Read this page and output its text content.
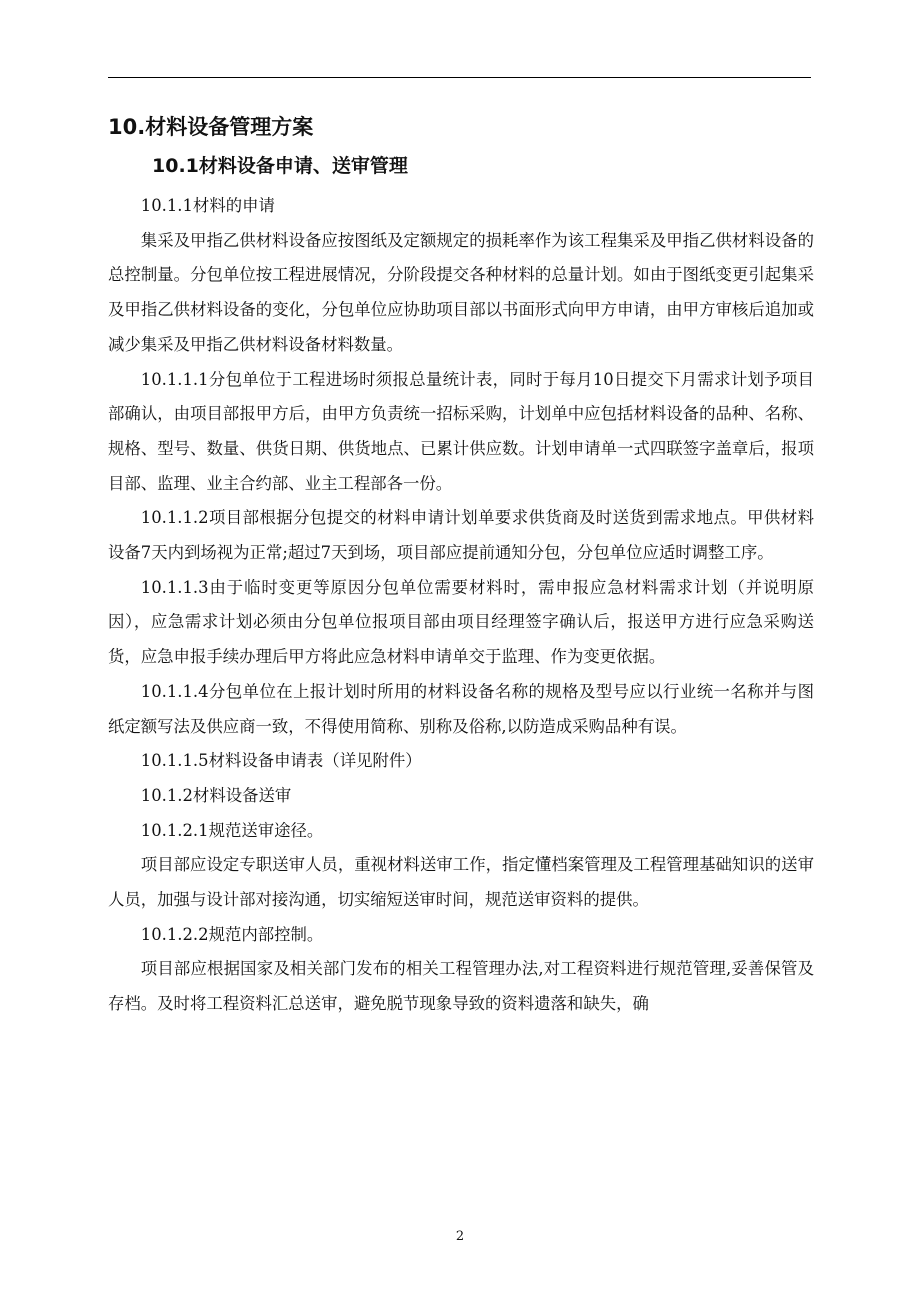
10.材料设备管理方案
10.1材料设备申请、送审管理

10.1.1材料的申请

集采及甲指乙供材料设备应按图纸及定额规定的损耗率作为该工程集采及甲指乙供材料设备的总控制量。分包单位按工程进展情况，分阶段提交各种材料的总量计划。如由于图纸变更引起集采及甲指乙供材料设备的变化，分包单位应协助项目部以书面形式向甲方申请，由甲方审核后追加或减少集采及甲指乙供材料设备材料数量。

10.1.1.1分包单位于工程进场时须报总量统计表，同时于每月10日提交下月需求计划予项目部确认，由项目部报甲方后，由甲方负责统一招标采购，计划单中应包括材料设备的品种、名称、规格、型号、数量、供货日期、供货地点、已累计供应数。计划申请单一式四联签字盖章后，报项目部、监理、业主合约部、业主工程部各一份。

10.1.1.2项目部根据分包提交的材料申请计划单要求供货商及时送货到需求地点。甲供材料设备7天内到场视为正常;超过7天到场，项目部应提前通知分包，分包单位应适时调整工序。

10.1.1.3由于临时变更等原因分包单位需要材料时，需申报应急材料需求计划（并说明原因），应急需求计划必须由分包单位报项目部由项目经理签字确认后，报送甲方进行应急采购送货，应急申报手续办理后甲方将此应急材料申请单交于监理、作为变更依据。

10.1.1.4分包单位在上报计划时所用的材料设备名称的规格及型号应以行业统一名称并与图纸定额写法及供应商一致，不得使用简称、别称及俗称,以防造成采购品种有误。

10.1.1.5材料设备申请表（详见附件）

10.1.2材料设备送审

10.1.2.1规范送审途径。

项目部应设定专职送审人员，重视材料送审工作，指定懂档案管理及工程管理基础知识的送审人员，加强与设计部对接沟通，切实缩短送审时间，规范送审资料的提供。

10.1.2.2规范内部控制。

项目部应根据国家及相关部门发布的相关工程管理办法,对工程资料进行规范管理,妥善保管及存档。及时将工程资料汇总送审，避免脱节现象导致的资料遗落和缺失，确

2
